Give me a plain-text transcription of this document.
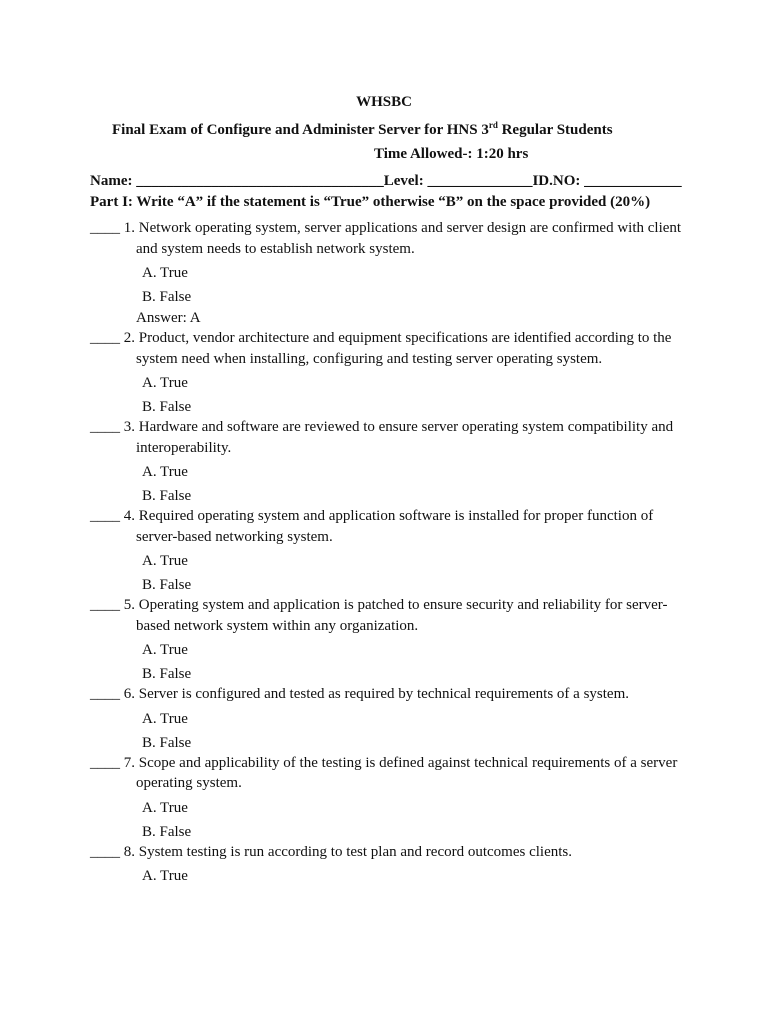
WHSBC
Final Exam of Configure and Administer Server for HNS 3rd Regular Students
Time Allowed-: 1:20 hrs
Name: _________________________________Level: ______________ID.NO: _____________
Part I: Write “A” if the statement is “True” otherwise “B” on the space provided (20%)
____ 1. Network operating system, server applications and server design are confirmed with client and system needs to establish network system.
A. True
B. False
Answer: A
____ 2. Product, vendor architecture and equipment specifications are identified according to the system need when installing, configuring and testing server operating system.
A. True
B. False
____ 3. Hardware and software are reviewed to ensure server operating system compatibility and interoperability.
A. True
B. False
____ 4. Required operating system and application software is installed for proper function of server-based networking system.
A. True
B. False
____ 5. Operating system and application is patched to ensure security and reliability for server-based network system within any organization.
A. True
B. False
____ 6. Server is configured and tested as required by technical requirements of a system.
A. True
B. False
____ 7. Scope and applicability of the testing is defined against technical requirements of a server operating system.
A. True
B. False
____ 8. System testing is run according to test plan and record outcomes clients.
A. True
